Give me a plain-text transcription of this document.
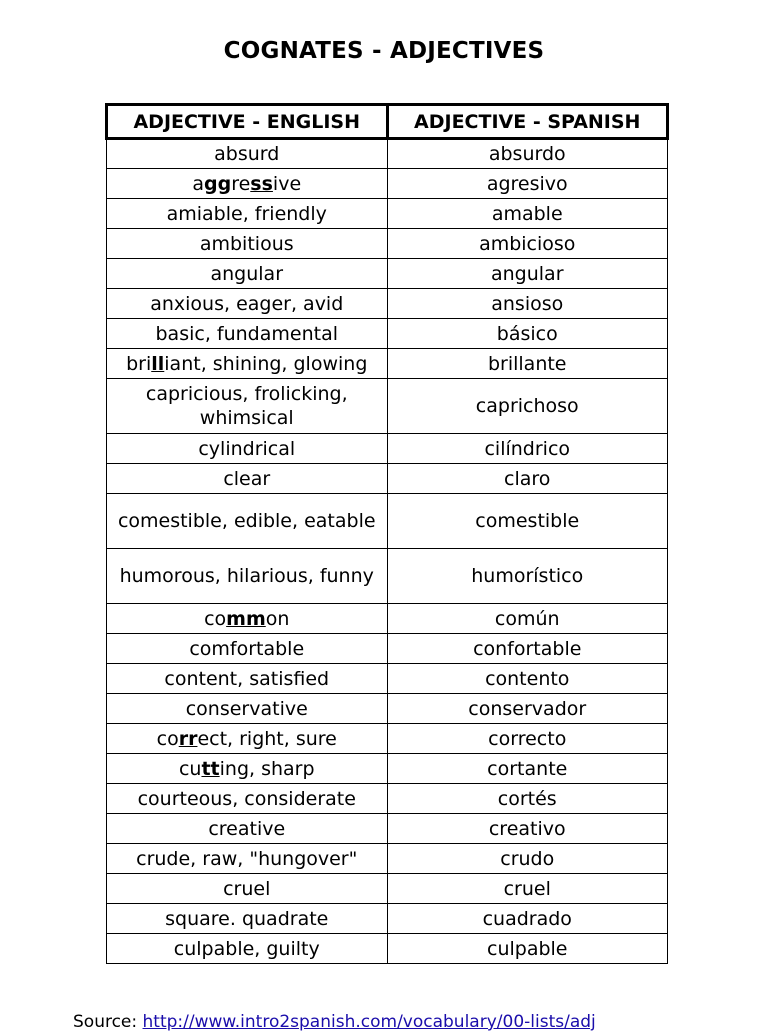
COGNATES - ADJECTIVES
ADJECTIVE - ENGLISH	ADJECTIVE - SPANISH
absurd	absurdo
aggressive	agresivo
amiable, friendly	amable
ambitious	ambicioso
angular	angular
anxious, eager, avid	ansioso
basic, fundamental	básico
brilliant, shining, glowing	brillante
capricious, frolicking, whimsical	caprichoso
cylindrical	cilíndrico
clear	claro
comestible, edible, eatable	comestible
humorous, hilarious, funny	humorístico
common	común
comfortable	confortable
content, satisfied	contento
conservative	conservador
correct, right, sure	correcto
cutting, sharp	cortante
courteous, considerate	cortés
creative	creativo
crude, raw, "hungover"	crudo
cruel	cruel
square. quadrate	cuadrado
culpable, guilty	culpable
Source: http://www.intro2spanish.com/vocabulary/00-lists/adj
